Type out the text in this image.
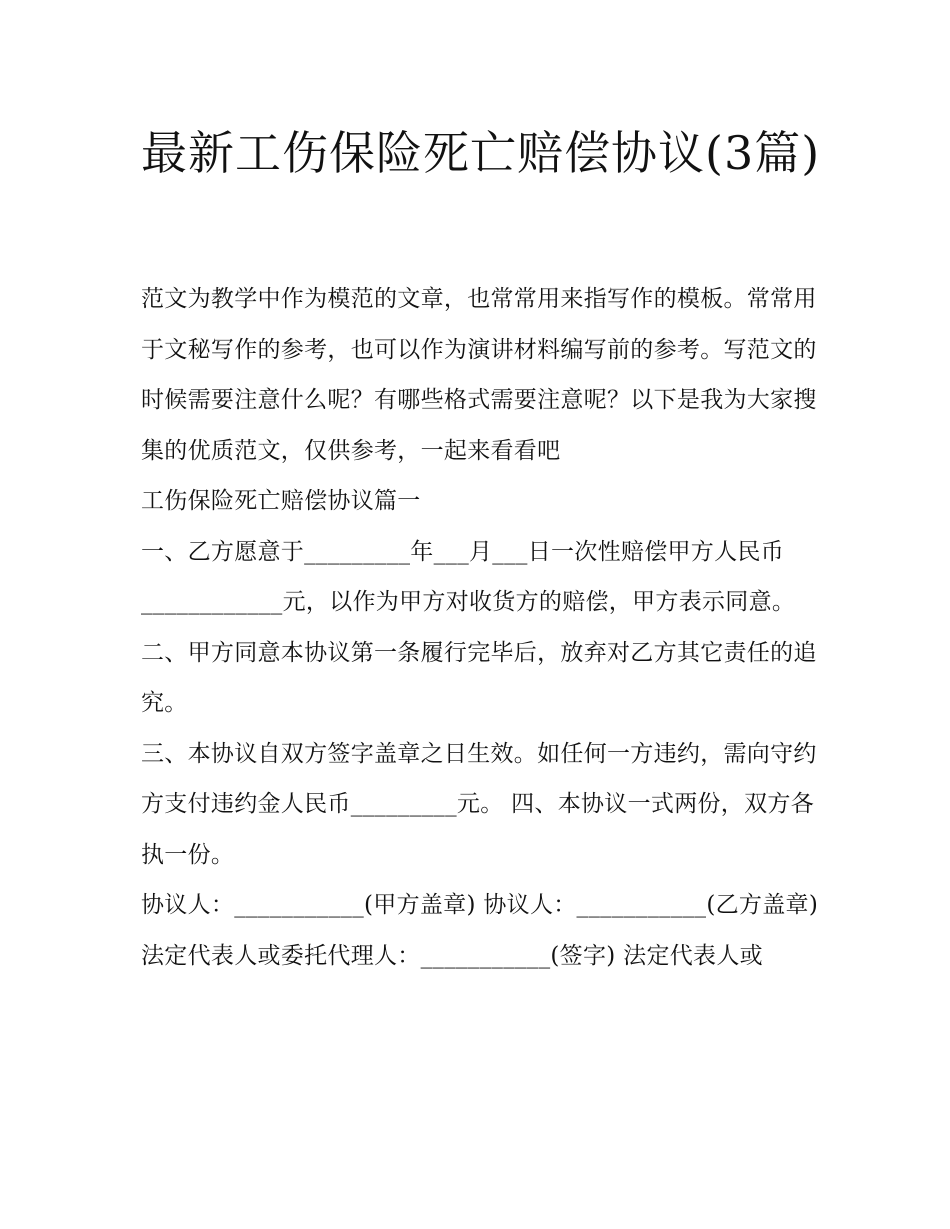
最新工伤保险死亡赔偿协议(3篇)

范文为教学中作为模范的文章，也常常用来指写作的模板。常常用于文秘写作的参考，也可以作为演讲材料编写前的参考。写范文的时候需要注意什么呢？有哪些格式需要注意呢？以下是我为大家搜集的优质范文，仅供参考，一起来看看吧

工伤保险死亡赔偿协议篇一

一、乙方愿意于_________年___月___日一次性赔偿甲方人民币____________元，以作为甲方对收货方的赔偿，甲方表示同意。

二、甲方同意本协议第一条履行完毕后，放弃对乙方其它责任的追究。

三、本协议自双方签字盖章之日生效。如任何一方违约，需向守约方支付违约金人民币_________元。 四、本协议一式两份，双方各执一份。

协议人：___________(甲方盖章) 协议人：___________(乙方盖章)

法定代表人或委托代理人：___________(签字) 法定代表人或
